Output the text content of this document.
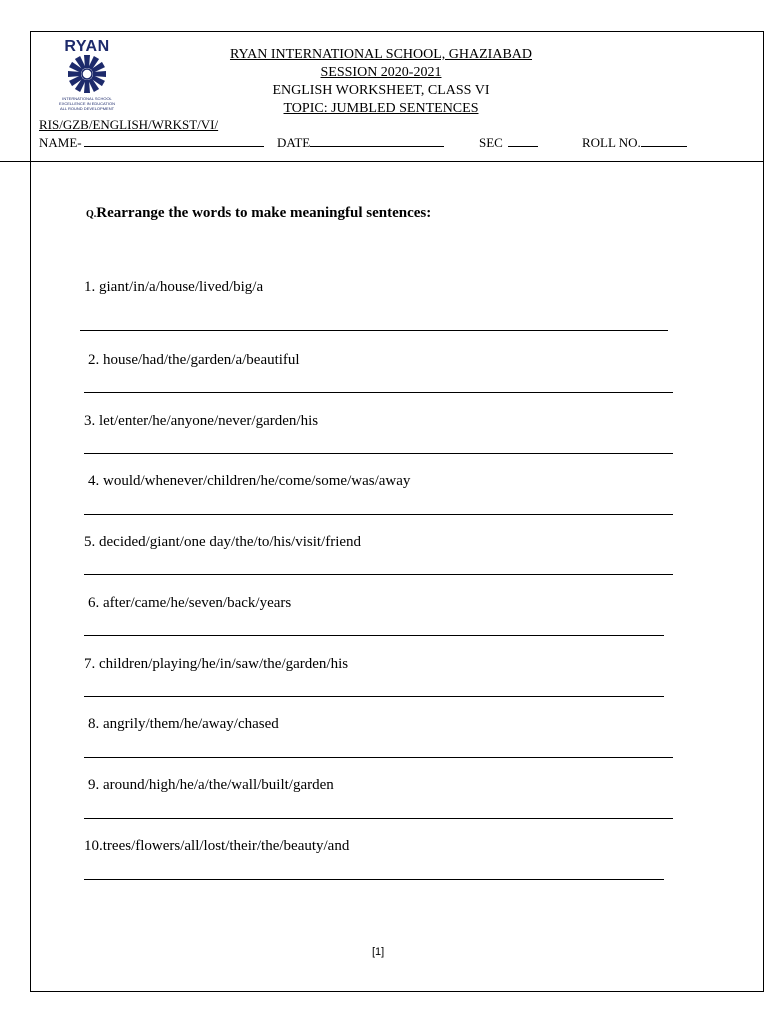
RYAN
INTERNATIONAL SCHOOL
EXCELLENCE IN EDUCATION
ALL ROUND DEVELOPMENT
RYAN INTERNATIONAL SCHOOL, GHAZIABAD
SESSION 2020-2021
ENGLISH WORKSHEET, CLASS VI
TOPIC: JUMBLED SENTENCES
RIS/GZB/ENGLISH/WRKST/VI/
NAME-	DATE	SEC	ROLL NO.
Q.Rearrange the words to make meaningful sentences:
1. giant/in/a/house/lived/big/a
2. house/had/the/garden/a/beautiful
3. let/enter/he/anyone/never/garden/his
4. would/whenever/children/he/come/some/was/away
5. decided/giant/one day/the/to/his/visit/friend
6. after/came/he/seven/back/years
7. children/playing/he/in/saw/the/garden/his
8. angrily/them/he/away/chased
9. around/high/he/a/the/wall/built/garden
10.trees/flowers/all/lost/their/the/beauty/and
[1]
